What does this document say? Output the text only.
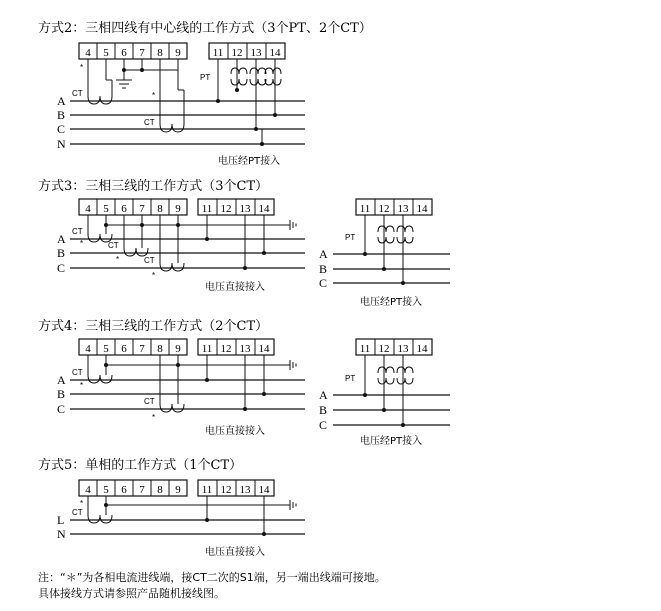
方式2：三相四线有中心线的工作方式（3个PT、2个CT）
4 5 6 7 8 9	11 12 13 14
A
B
C
N
CT
*
CT
*
PT
电压经PT接入
方式3：三相三线的工作方式（3个CT）
4 5 6 7 8 9 11 12 13 14
A
B
C
CT
CT
CT
*
*
*
电压直接接入
11 12 13 14
A
B
C
PT
电压经PT接入
方式4：三相三线的工作方式（2个CT）
4 5 6 7 8 9 11 12 13 14
A
B
C
CT
CT
*
*
电压直接接入
11 12 13 14
A
B
C
PT
电压经PT接入
方式5：单相的工作方式（1个CT）
4 5 6 7 8 9 11 12 13 14
L
N
CT
*
电压直接接入
注：“＊”为各相电流进线端，接CT二次的S1端，另一端出线端可接地。
具体接线方式请参照产品随机接线图。
